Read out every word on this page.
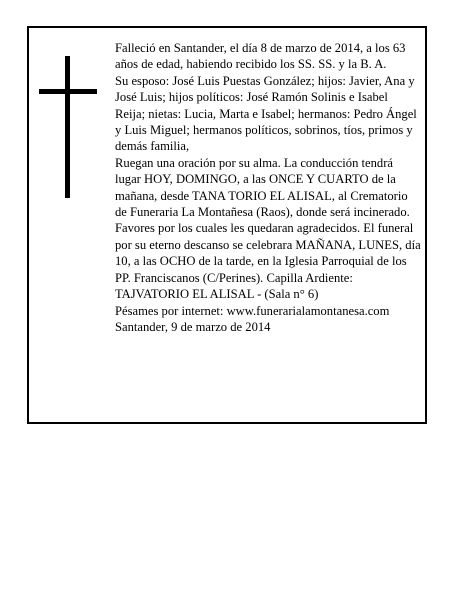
Falleció en Santander, el día 8 de marzo de 2014, a los 63 años de edad, habiendo recibido los SS. SS. y la B. A.

Su esposo: José Luis Puestas González; hijos: Javier, Ana y José Luis; hijos políticos: José Ramón Solinis e Isabel Reija; nietas: Lucia, Marta e Isabel; hermanos: Pedro Ángel y Luis Miguel; hermanos políticos, sobrinos, tíos, primos y demás familia,

Ruegan una oración por su alma. La conducción tendrá lugar HOY, DOMINGO, a las ONCE Y CUARTO de la mañana, desde TANA TORIO EL ALISAL, al Crematorio de Funeraria La Montañesa (Raos), donde será incinerado. Favores por los cuales les quedaran agradecidos. El funeral por su eterno descanso se celebrara MAÑANA, LUNES, día 10, a las OCHO de la tarde, en la Iglesia Parroquial de los PP. Franciscanos (C/Perines). Capilla Ardiente: TAJVATORIO EL ALISAL - (Sala n° 6)

Pésames por internet: www.funerarialamontanesa.com

Santander, 9 de marzo de 2014
